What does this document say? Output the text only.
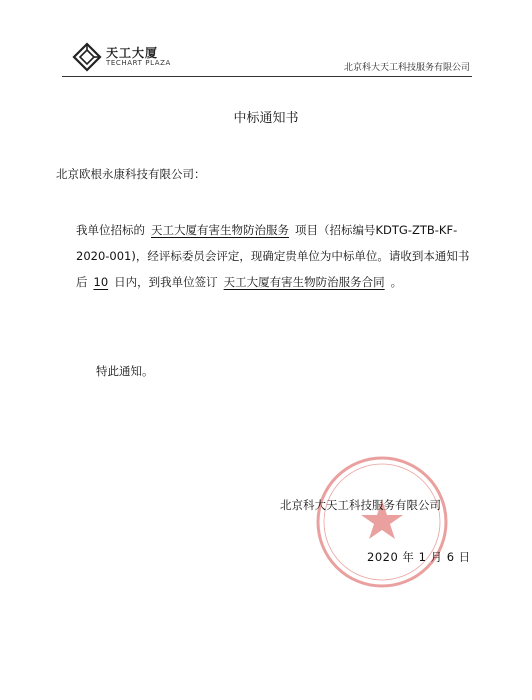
天工大厦
TECHART PLAZA	北京科大天工科技服务有限公司
中标通知书
北京欧根永康科技有限公司：
我单位招标的 天工大厦有害生物防治服务 项目（招标编号KDTG-ZTB-KF-2020-001)，经评标委员会评定，现确定贵单位为中标单位。请收到本通知书后 10 日内，到我单位签订 天工大厦有害生物防治服务合同 。
特此通知。
北京科大天工科技服务有限公司
2020 年 1 月 6 日
